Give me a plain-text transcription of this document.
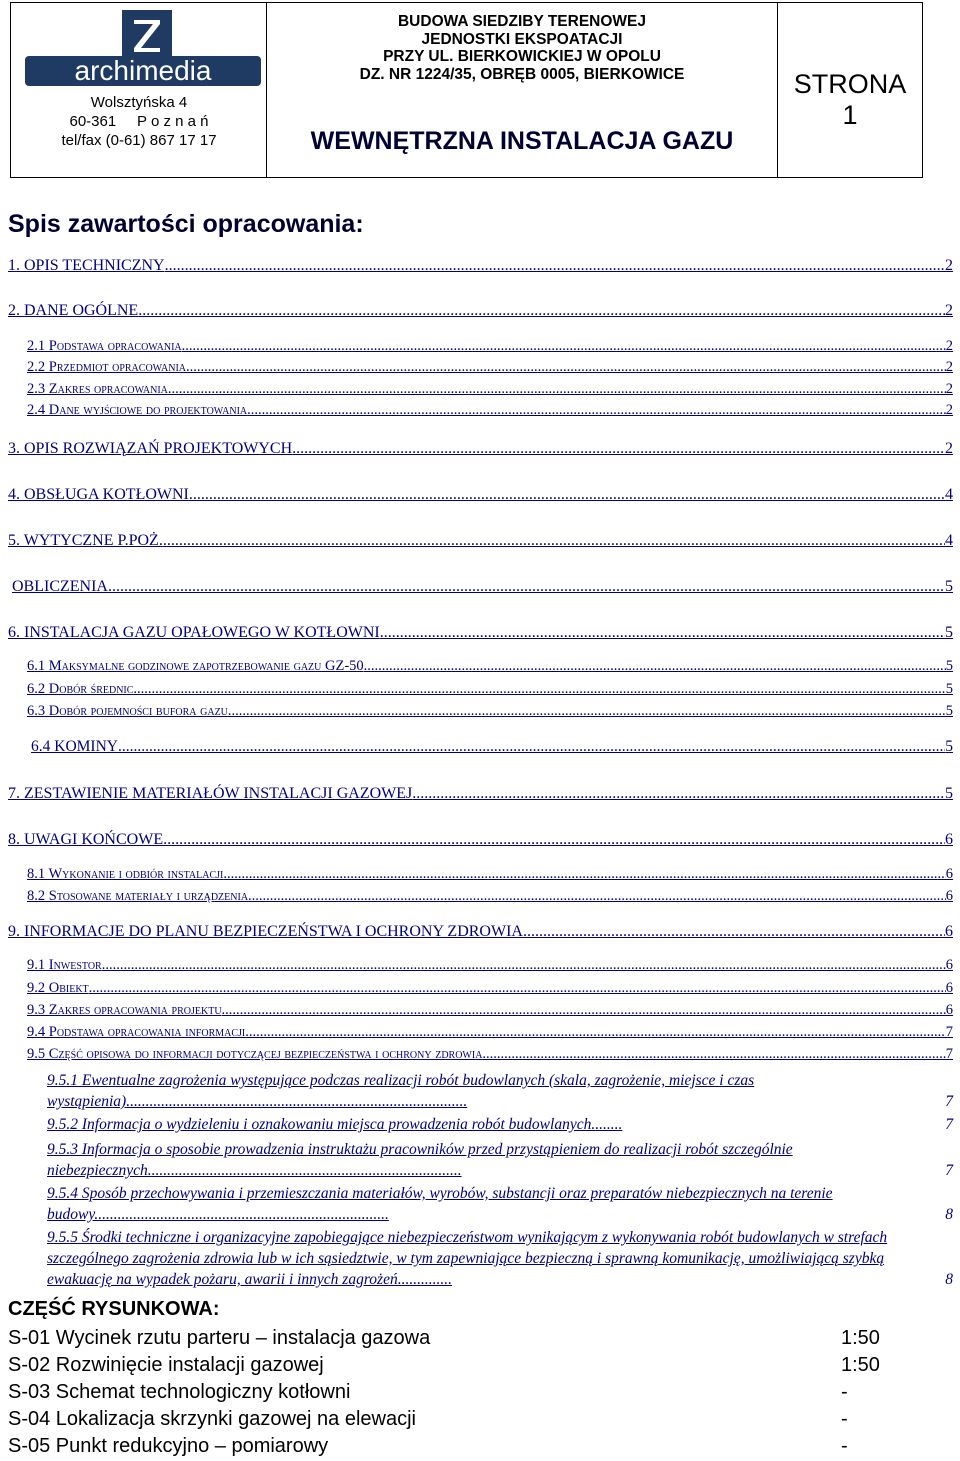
archimedia
Wolsztyńska 4
60-361     P o z n a ń
tel/fax (0-61) 867 17 17
BUDOWA SIEDZIBY TERENOWEJ
JEDNOSTKI EKSPOATACJI
PRZY UL. BIERKOWICKIEJ W OPOLU
DZ. NR 1224/35, OBRĘB 0005, BIERKOWICE
WEWNĘTRZNA INSTALACJA GAZU
STRONA
1
Spis zawartości opracowania:
1. OPIS TECHNICZNY .....	2
2. DANE OGÓLNE .....	2
2.1 Podstawa opracowania .....	2
2.2 Przedmiot opracowania .....	2
2.3 Zakres opracowania .....	2
2.4 Dane wyjściowe do projektowania .....	2
3. OPIS ROZWIĄZAŃ PROJEKTOWYCH .....	2
4. OBSŁUGA KOTŁOWNI .....	4
5. WYTYCZNE P.POŻ. .....	4
OBLICZENIA .....	5
6. INSTALACJA GAZU OPAŁOWEGO W KOTŁOWNI .....	5
6.1 Maksymalne godzinowe zapotrzebowanie gazu GZ-50 .....	5
6.2 Dobór średnic .....	5
6.3 Dobór pojemności bufora gazu .....	5
6.4 KOMINY .....	5
7. ZESTAWIENIE MATERIAŁÓW INSTALACJI GAZOWEJ .....	5
8. UWAGI KOŃCOWE .....	6
8.1 Wykonanie i odbiór instalacji .....	6
8.2 Stosowane materiały i urządzenia .....	6
9. INFORMACJE DO PLANU BEZPIECZEŃSTWA I OCHRONY ZDROWIA .....	6
9.1 Inwestor .....	6
9.2 Obiekt .....	6
9.3 Zakres opracowania projektu .....	6
9.4 Podstawa opracowania informacji .....	7
9.5 Część opisowa do informacji dotyczącej bezpieczeństwa i ochrony zdrowia .....	7
9.5.1 Ewentualne zagrożenia występujące podczas realizacji robót budowlanych (skala, zagrożenie, miejsce i czas wystąpienia)........................................................................................	7
9.5.2 Informacja o wydzieleniu i oznakowaniu miejsca prowadzenia robót budowlanych........	7
9.5.3 Informacja o sposobie prowadzenia instruktażu pracowników przed przystąpieniem do realizacji robót szczególnie niebezpiecznych.................................................................................	7
9.5.4 Sposób przechowywania i przemieszczania materiałów, wyrobów, substancji oraz preparatów niebezpiecznych na terenie budowy............................................................................	8
9.5.5 Środki techniczne i organizacyjne zapobiegające niebezpieczeństwom wynikającym z wykonywania robót budowlanych w strefach szczególnego zagrożenia zdrowia lub w ich sąsiedztwie, w tym zapewniające bezpieczną i sprawną komunikację, umożliwiającą szybką ewakuację na wypadek pożaru, awarii i innych zagrożeń..............	8
CZĘŚĆ RYSUNKOWA:
S-01 Wycinek rzutu parteru – instalacja gazowa	1:50
S-02 Rozwinięcie instalacji gazowej	1:50
S-03 Schemat technologiczny kotłowni	-
S-04 Lokalizacja skrzynki gazowej na elewacji	-
S-05 Punkt redukcyjno – pomiarowy	-
